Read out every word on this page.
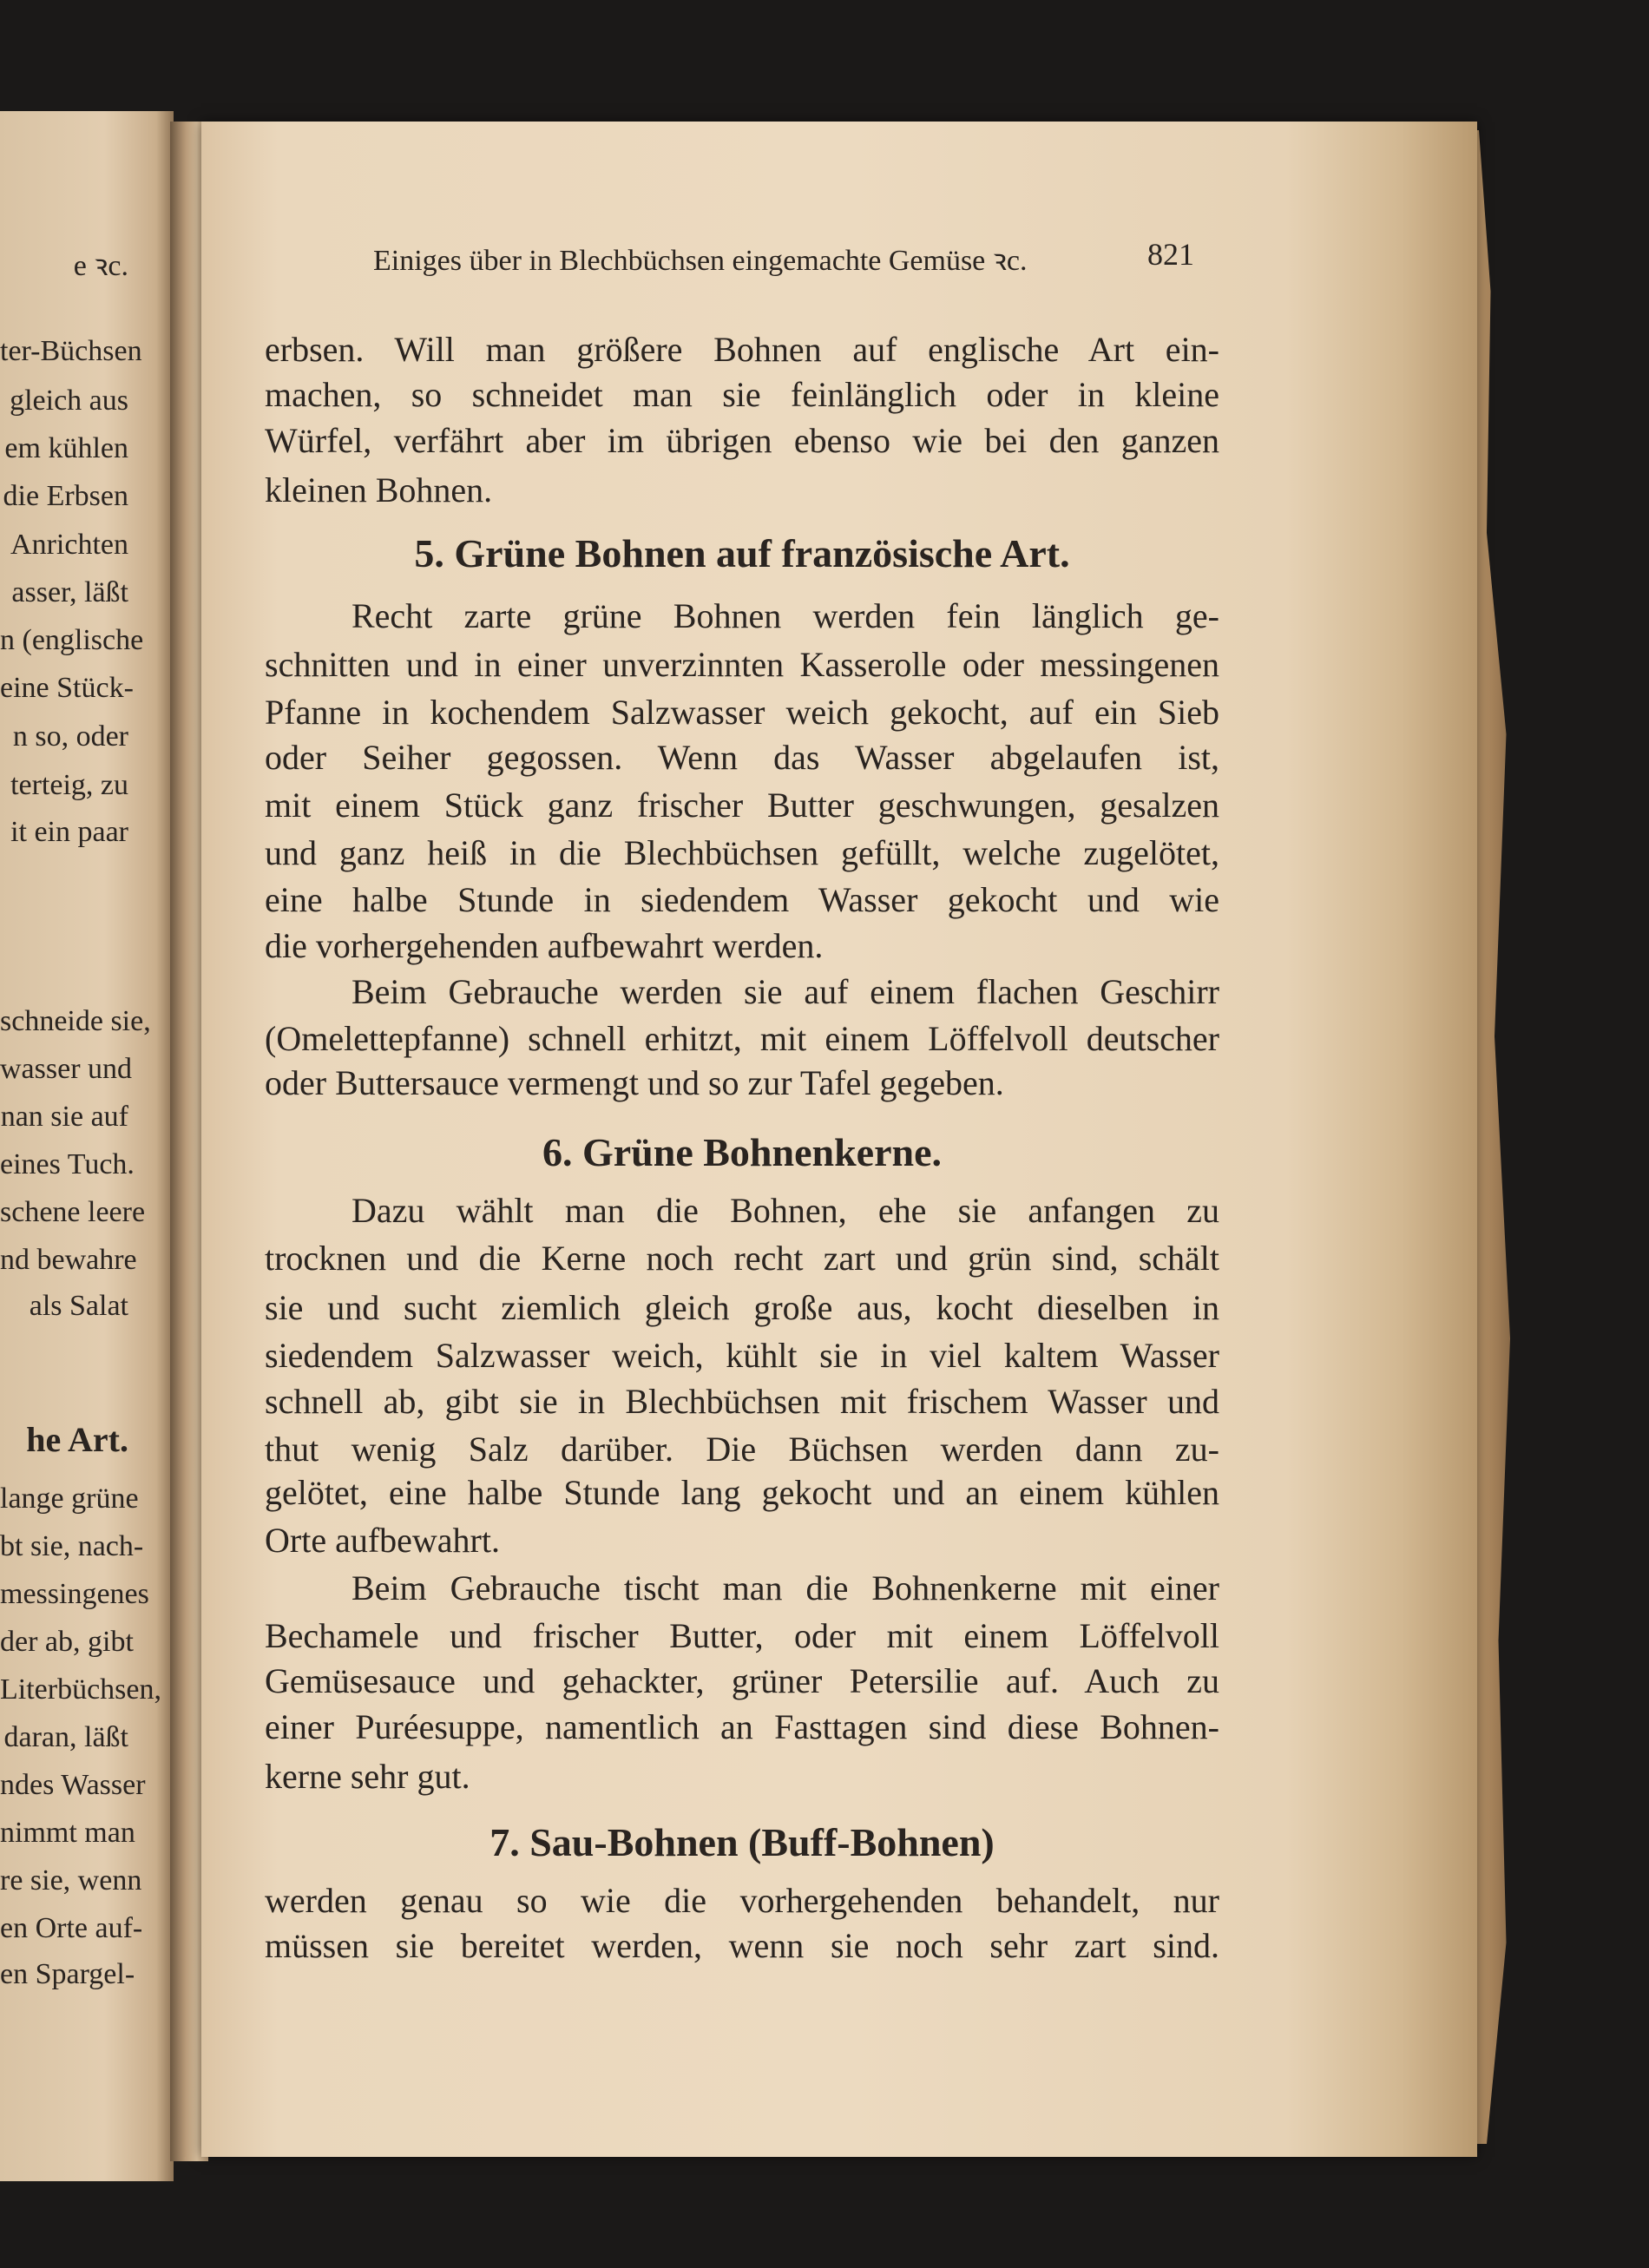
Einiges über in Blechbüchsen eingemachte Gemüse ꝛc.	821
e ꝛc.
erbsen. Will man größere Bohnen auf englische Art ein-
machen, so schneidet man sie feinlänglich oder in kleine
Würfel, verfährt aber im übrigen ebenso wie bei den ganzen
kleinen Bohnen.
5. Grüne Bohnen auf französische Art.
Recht zarte grüne Bohnen werden fein länglich ge-
schnitten und in einer unverzinnten Kasserolle oder messingenen
Pfanne in kochendem Salzwasser weich gekocht, auf ein Sieb
oder Seiher gegossen. Wenn das Wasser abgelaufen ist,
mit einem Stück ganz frischer Butter geschwungen, gesalzen
und ganz heiß in die Blechbüchsen gefüllt, welche zugelötet,
eine halbe Stunde in siedendem Wasser gekocht und wie
die vorhergehenden aufbewahrt werden.
Beim Gebrauche werden sie auf einem flachen Geschirr
(Omelettepfanne) schnell erhitzt, mit einem Löffelvoll deutscher
oder Buttersauce vermengt und so zur Tafel gegeben.
6. Grüne Bohnenkerne.
Dazu wählt man die Bohnen, ehe sie anfangen zu
trocknen und die Kerne noch recht zart und grün sind, schält
sie und sucht ziemlich gleich große aus, kocht dieselben in
siedendem Salzwasser weich, kühlt sie in viel kaltem Wasser
schnell ab, gibt sie in Blechbüchsen mit frischem Wasser und
thut wenig Salz darüber. Die Büchsen werden dann zu-
gelötet, eine halbe Stunde lang gekocht und an einem kühlen
Orte aufbewahrt.
Beim Gebrauche tischt man die Bohnenkerne mit einer
Bechamele und frischer Butter, oder mit einem Löffelvoll
Gemüsesauce und gehackter, grüner Petersilie auf. Auch zu
einer Puréesuppe, namentlich an Fasttagen sind diese Bohnen-
kerne sehr gut.
7. Sau-Bohnen (Buff-Bohnen)
werden genau so wie die vorhergehenden behandelt, nur
müssen sie bereitet werden, wenn sie noch sehr zart sind.
ter-Büchsen
gleich aus
em kühlen
die Erbsen
Anrichten
asser, läßt
n (englische
eine Stück-
n so, oder
terteig, zu
it ein paar
schneide sie,
wasser und
nan sie auf
eines Tuch.
schene leere
nd bewahre
als Salat
he Art.
lange grüne
bt sie, nach-
messingenes
der ab, gibt
Literbüchsen,
daran, läßt
ndes Wasser
nimmt man
re sie, wenn
en Orte auf-
en Spargel-
